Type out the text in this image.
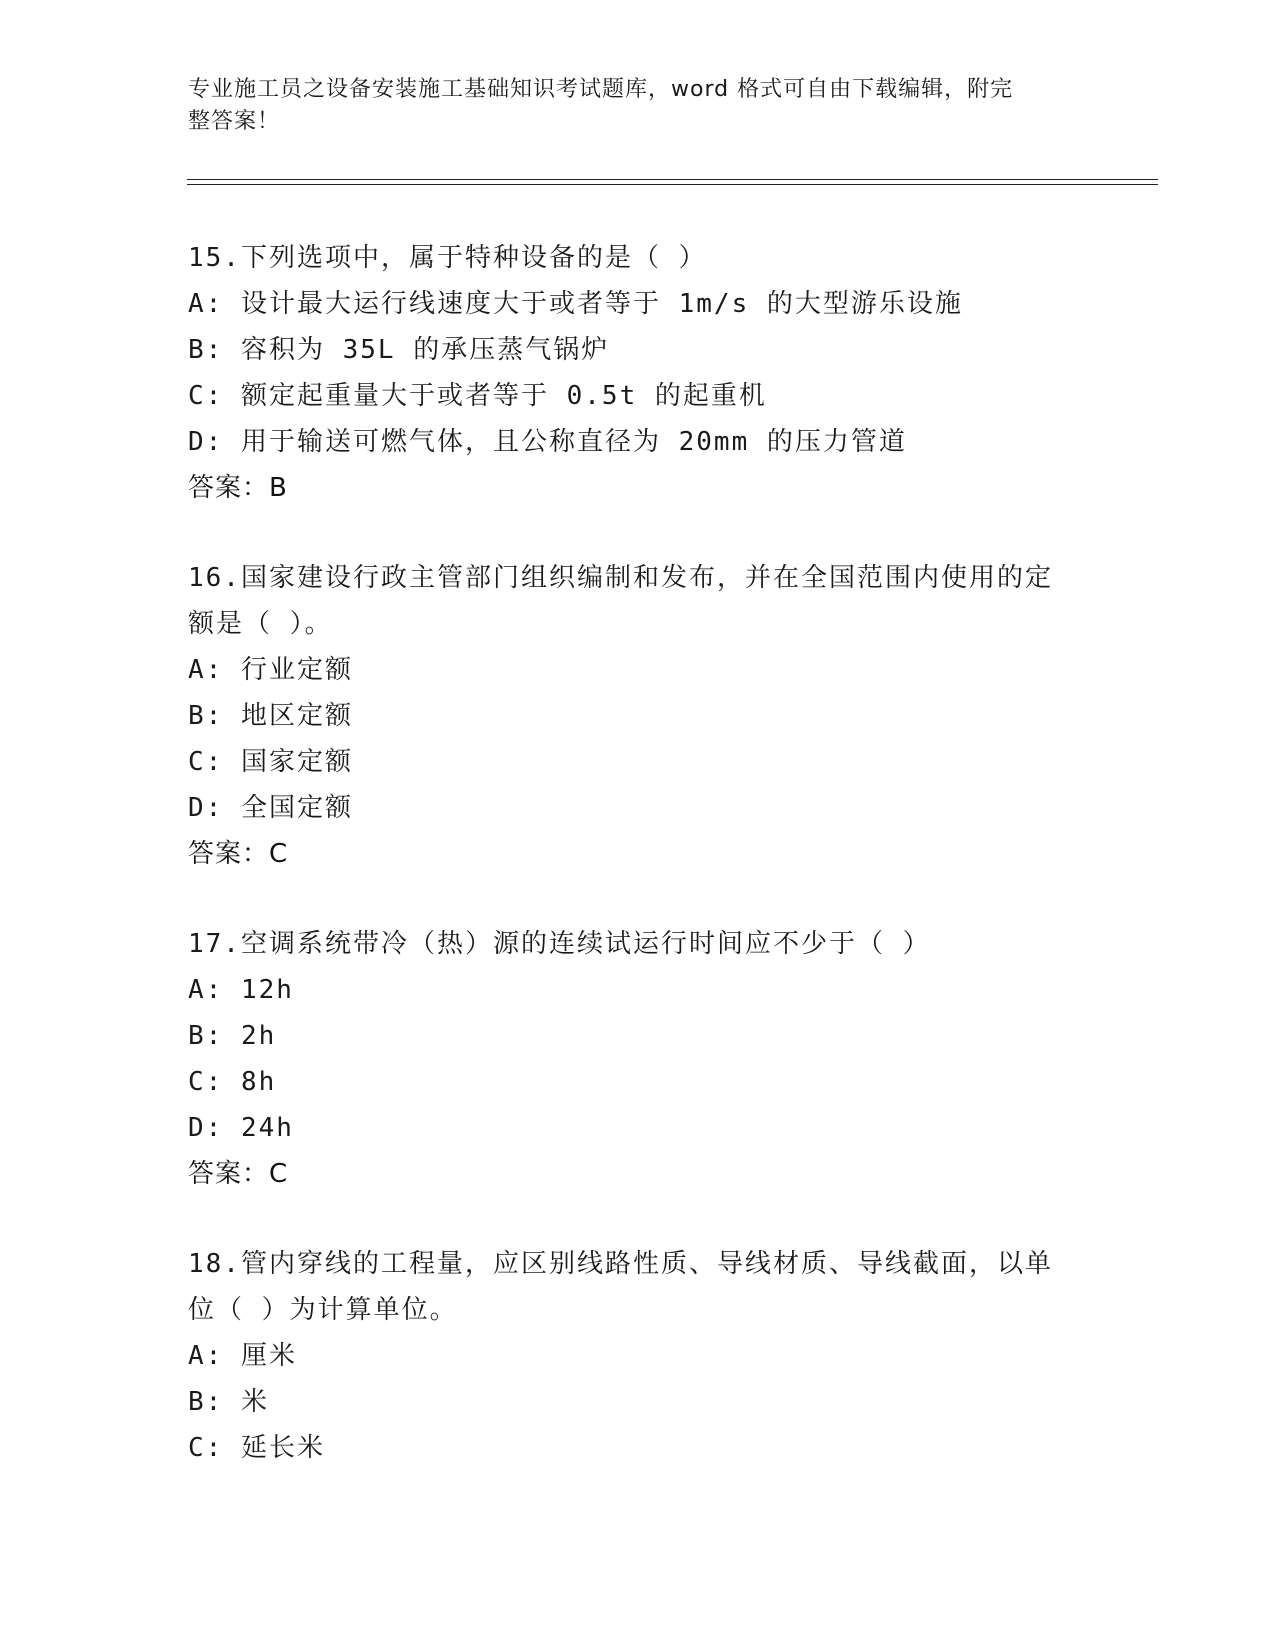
专业施工员之设备安装施工基础知识考试题库，word 格式可自由下载编辑，附完
整答案！
15.下列选项中，属于特种设备的是（ ）
A: 设计最大运行线速度大于或者等于 1m/s 的大型游乐设施
B: 容积为 35L 的承压蒸气锅炉
C: 额定起重量大于或者等于 0.5t 的起重机
D: 用于输送可燃气体，且公称直径为 20mm 的压力管道
答案：B
16.国家建设行政主管部门组织编制和发布，并在全国范围内使用的定
额是（ ）。
A: 行业定额
B: 地区定额
C: 国家定额
D: 全国定额
答案：C
17.空调系统带冷（热）源的连续试运行时间应不少于（ ）
A: 12h
B: 2h
C: 8h
D: 24h
答案：C
18.管内穿线的工程量，应区别线路性质、导线材质、导线截面，以单
位（ ）为计算单位。
A: 厘米
B: 米
C: 延长米
